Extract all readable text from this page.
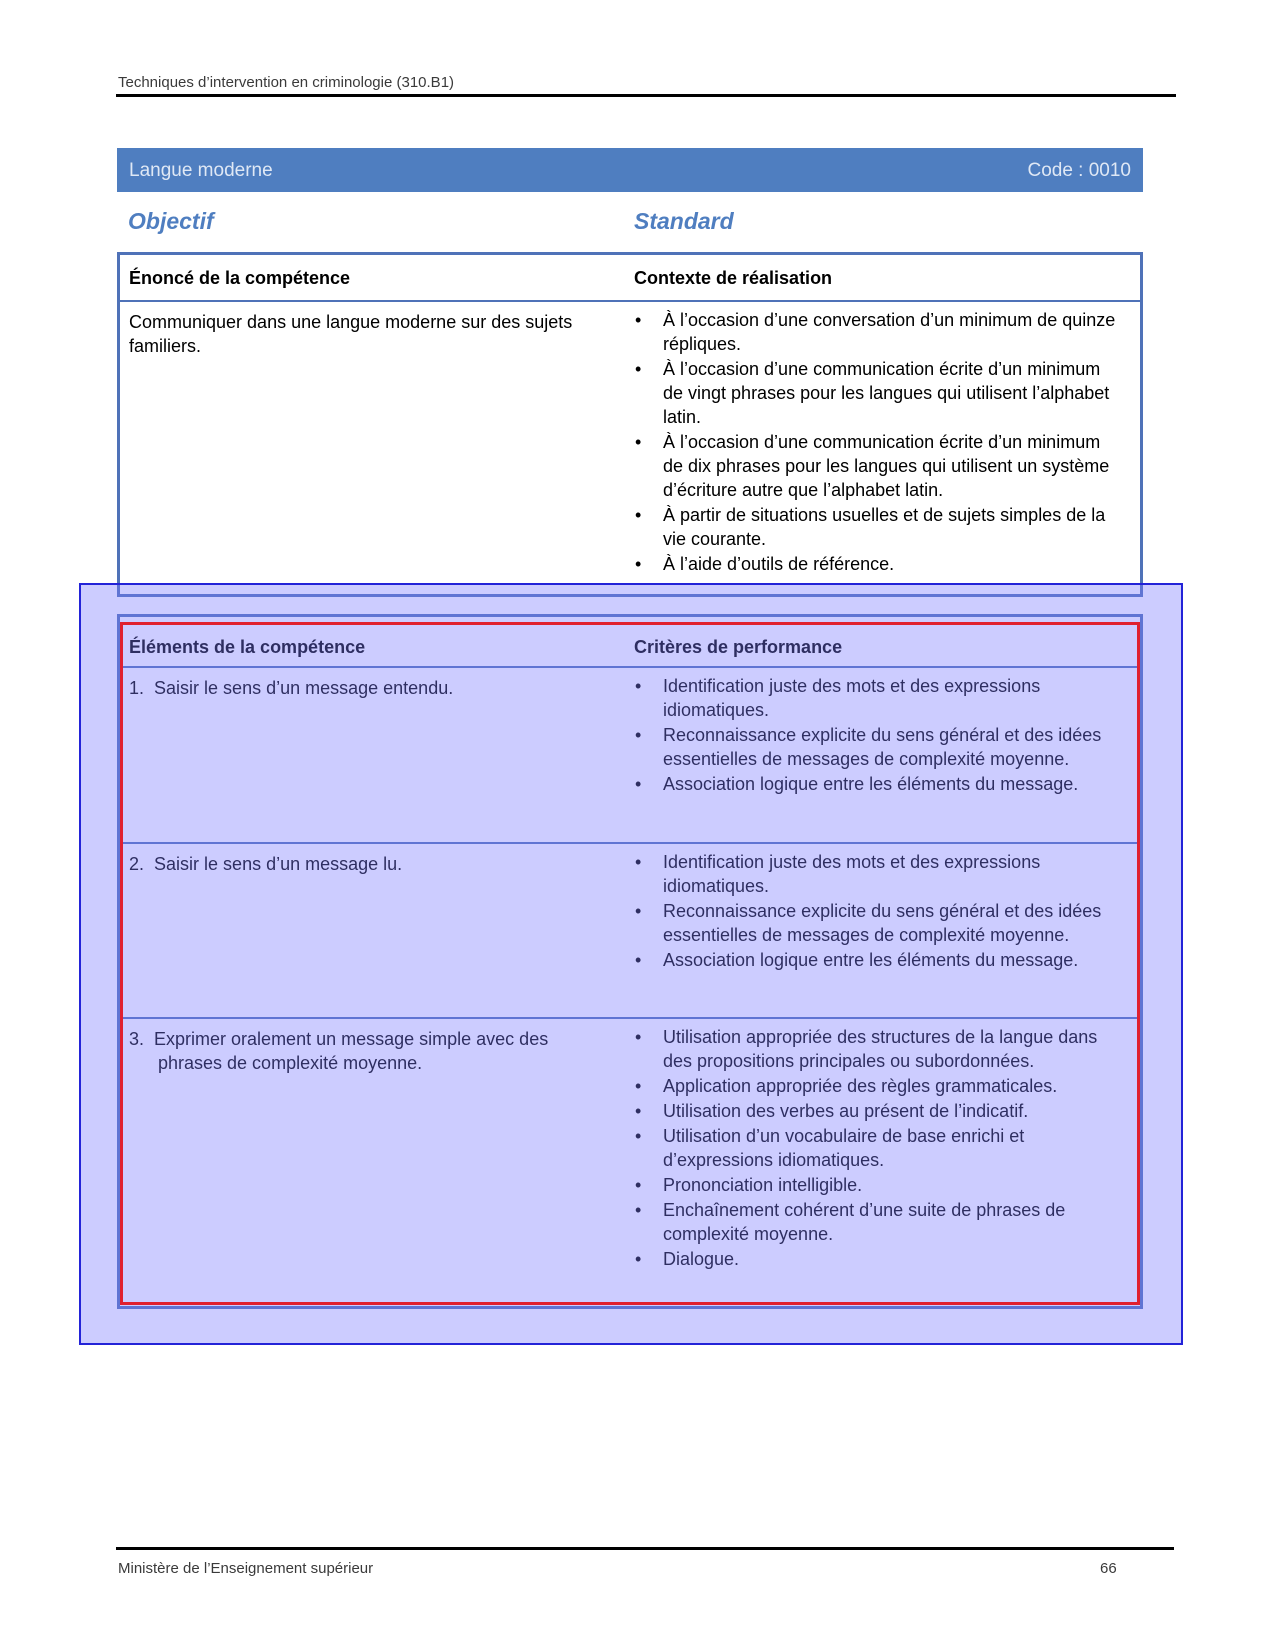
Techniques d’intervention en criminologie (310.B1)
Langue moderne	Code : 0010
Objectif	Standard
Énoncé de la compétence	Contexte de réalisation
Communiquer dans une langue moderne sur des sujets familiers.
• À l’occasion d’une conversation d’un minimum de quinze répliques.
• À l’occasion d’une communication écrite d’un minimum de vingt phrases pour les langues qui utilisent l’alphabet latin.
• À l’occasion d’une communication écrite d’un minimum de dix phrases pour les langues qui utilisent un système d’écriture autre que l’alphabet latin.
• À partir de situations usuelles et de sujets simples de la vie courante.
• À l’aide d’outils de référence.
Éléments de la compétence	Critères de performance
1. Saisir le sens d’un message entendu.	• Identification juste des mots et des expressions idiomatiques.
• Reconnaissance explicite du sens général et des idées essentielles de messages de complexité moyenne.
• Association logique entre les éléments du message.
2. Saisir le sens d’un message lu.	• Identification juste des mots et des expressions idiomatiques.
• Reconnaissance explicite du sens général et des idées essentielles de messages de complexité moyenne.
• Association logique entre les éléments du message.
3. Exprimer oralement un message simple avec des phrases de complexité moyenne.
• Utilisation appropriée des structures de la langue dans des propositions principales ou subordonnées.
• Application appropriée des règles grammaticales.
• Utilisation des verbes au présent de l’indicatif.
• Utilisation d’un vocabulaire de base enrichi et d’expressions idiomatiques.
• Prononciation intelligible.
• Enchaînement cohérent d’une suite de phrases de complexité moyenne.
• Dialogue.
Ministère de l’Enseignement supérieur	66
